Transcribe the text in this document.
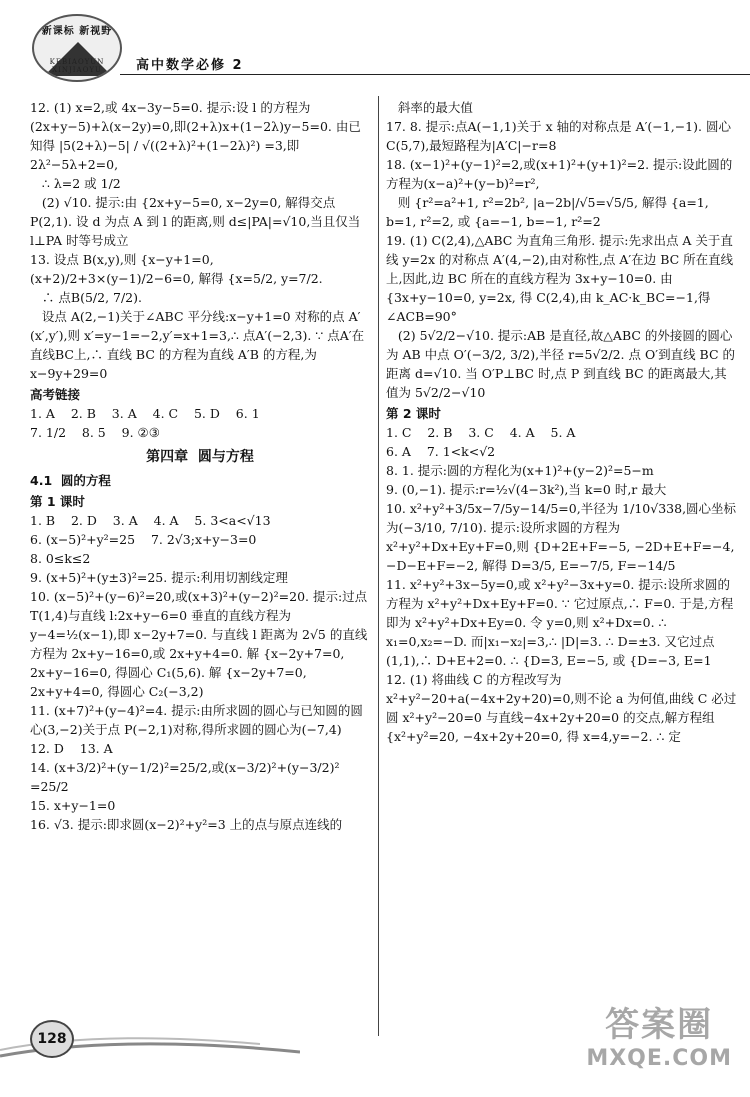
新课标 新视野
KEBIAOYUN XINJIAOYU	高中数学必修 2

12. (1) x=2,或 4x−3y−5=0. 提示:设 l 的方程为(2x+y−5)+λ(x−2y)=0,即(2+λ)x+(1−2λ)y−5=0. 由已知得 |5(2+λ)−5| / √((2+λ)²+(1−2λ)²) =3,即 2λ²−5λ+2=0,

∴ λ=2 或 1/2

(2) √10. 提示:由 {2x+y−5=0, x−2y=0, 解得交点 P(2,1). 设 d 为点 A 到 l 的距离,则 d≤|PA|=√10,当且仅当 l⊥PA 时等号成立

13. 设点 B(x,y),则 {x−y+1=0, (x+2)/2+3×(y−1)/2−6=0, 解得 {x=5/2, y=7/2.

∴ 点B(5/2, 7/2).

设点 A(2,−1)关于∠ABC 平分线:x−y+1=0 对称的点 A′(x′,y′),则 x′=y−1=−2,y′=x+1=3,∴ 点A′(−2,3). ∵ 点A′在直线BC上,∴ 直线 BC 的方程为直线 A′B 的方程,为 x−9y+29=0

高考链接

1. A    2. B    3. A    4. C    5. D    6. 1

7. 1/2    8. 5    9. ②③

第四章  圆与方程

4.1  圆的方程

第 1 课时

1. B    2. D    3. A    4. A    5. 3<a<√13

6. (x−5)²+y²=25    7. 2√3;x+y−3=0

8. 0≤k≤2

9. (x+5)²+(y±3)²=25. 提示:利用切割线定理

10. (x−5)²+(y−6)²=20,或(x+3)²+(y−2)²=20. 提示:过点T(1,4)与直线 l:2x+y−6=0 垂直的直线方程为 y−4=½(x−1),即 x−2y+7=0. 与直线 l 距离为 2√5 的直线方程为 2x+y−16=0,或 2x+y+4=0. 解 {x−2y+7=0, 2x+y−16=0, 得圆心 C₁(5,6). 解 {x−2y+7=0, 2x+y+4=0, 得圆心 C₂(−3,2)

11. (x+7)²+(y−4)²=4. 提示:由所求圆的圆心与已知圆的圆心(3,−2)关于点 P(−2,1)对称,得所求圆的圆心为(−7,4)

12. D    13. A

14. (x+3/2)²+(y−1/2)²=25/2,或(x−3/2)²+(y−3/2)² =25/2

15. x+y−1=0

16. √3. 提示:即求圆(x−2)²+y²=3 上的点与原点连线的

斜率的最大值

17. 8. 提示:点A(−1,1)关于 x 轴的对称点是 A′(−1,−1). 圆心C(5,7),最短路程为|A′C|−r=8

18. (x−1)²+(y−1)²=2,或(x+1)²+(y+1)²=2. 提示:设此圆的方程为(x−a)²+(y−b)²=r²,

则 {r²=a²+1, r²=2b², |a−2b|/√5=√5/5, 解得 {a=1, b=1, r²=2, 或 {a=−1, b=−1, r²=2

19. (1) C(2,4),△ABC 为直角三角形. 提示:先求出点 A 关于直线 y=2x 的对称点 A′(4,−2),由对称性,点 A′在边 BC 所在直线上,因此,边 BC 所在的直线方程为 3x+y−10=0. 由 {3x+y−10=0, y=2x, 得 C(2,4),由 k_AC·k_BC=−1,得∠ACB=90°

(2) 5√2/2−√10. 提示:AB 是直径,故△ABC 的外接圆的圆心为 AB 中点 O′(−3/2, 3/2),半径 r=5√2/2. 点 O′到直线 BC 的距离 d=√10. 当 O′P⊥BC 时,点 P 到直线 BC 的距离最大,其值为 5√2/2−√10

第 2 课时

1. C    2. B    3. C    4. A    5. A

6. A    7. 1<k<√2

8. 1. 提示:圆的方程化为(x+1)²+(y−2)²=5−m

9. (0,−1). 提示:r=½√(4−3k²),当 k=0 时,r 最大

10. x²+y²+3/5x−7/5y−14/5=0,半径为 1/10√338,圆心坐标为(−3/10, 7/10). 提示:设所求圆的方程为 x²+y²+Dx+Ey+F=0,则 {D+2E+F=−5, −2D+E+F=−4, −D−E+F=−2, 解得 D=3/5, E=−7/5, F=−14/5

11. x²+y²+3x−5y=0,或 x²+y²−3x+y=0. 提示:设所求圆的方程为 x²+y²+Dx+Ey+F=0. ∵ 它过原点,∴ F=0. 于是,方程即为 x²+y²+Dx+Ey=0. 令 y=0,则 x²+Dx=0. ∴ x₁=0,x₂=−D. 而|x₁−x₂|=3,∴ |D|=3. ∴ D=±3. 又它过点(1,1),∴ D+E+2=0. ∴ {D=3, E=−5, 或 {D=−3, E=1

12. (1) 将曲线 C 的方程改写为 x²+y²−20+a(−4x+2y+20)=0,则不论 a 为何值,曲线 C 必过圆 x²+y²−20=0 与直线−4x+2y+20=0 的交点,解方程组 {x²+y²=20, −4x+2y+20=0, 得 x=4,y=−2. ∴ 定

128	答案圈
MXQE.COM
